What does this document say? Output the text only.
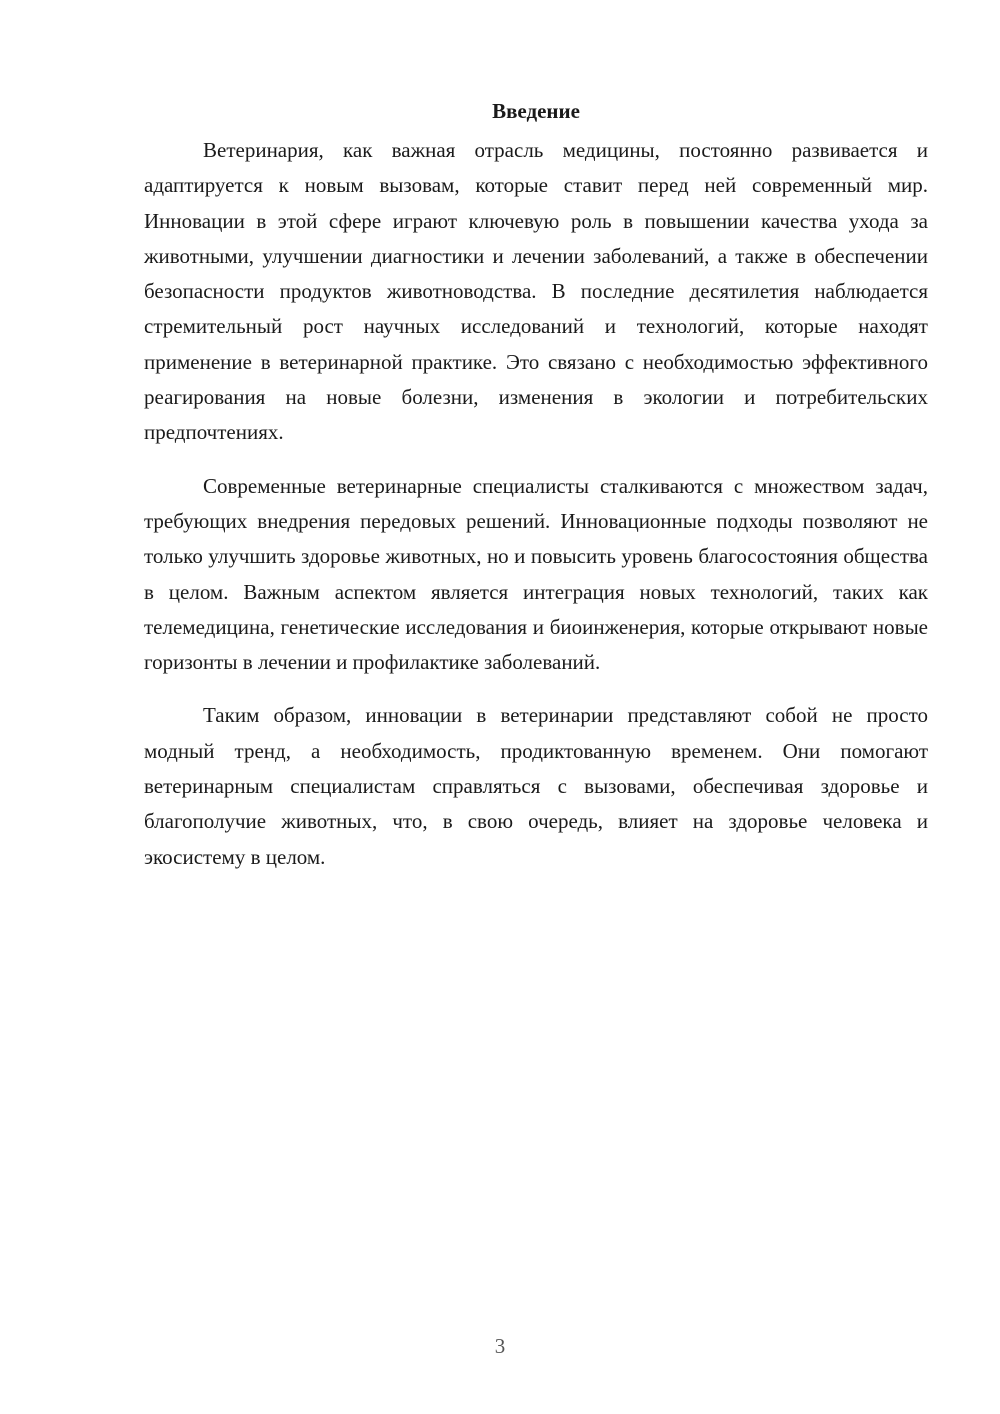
Введение

Ветеринария, как важная отрасль медицины, постоянно развивается и адаптируется к новым вызовам, которые ставит перед ней современный мир. Инновации в этой сфере играют ключевую роль в повышении качества ухода за животными, улучшении диагностики и лечении заболеваний, а также в обеспечении безопасности продуктов животноводства. В последние десятилетия наблюдается стремительный рост научных исследований и технологий, которые находят применение в ветеринарной практике. Это связано с необходимостью эффективного реагирования на новые болезни, изменения в экологии и потребительских предпочтениях.

Современные ветеринарные специалисты сталкиваются с множеством задач, требующих внедрения передовых решений. Инновационные подходы позволяют не только улучшить здоровье животных, но и повысить уровень благосостояния общества в целом. Важным аспектом является интеграция новых технологий, таких как телемедицина, генетические исследования и биоинженерия, которые открывают новые горизонты в лечении и профилактике заболеваний.

Таким образом, инновации в ветеринарии представляют собой не просто модный тренд, а необходимость, продиктованную временем. Они помогают ветеринарным специалистам справляться с вызовами, обеспечивая здоровье и благополучие животных, что, в свою очередь, влияет на здоровье человека и экосистему в целом.

3
